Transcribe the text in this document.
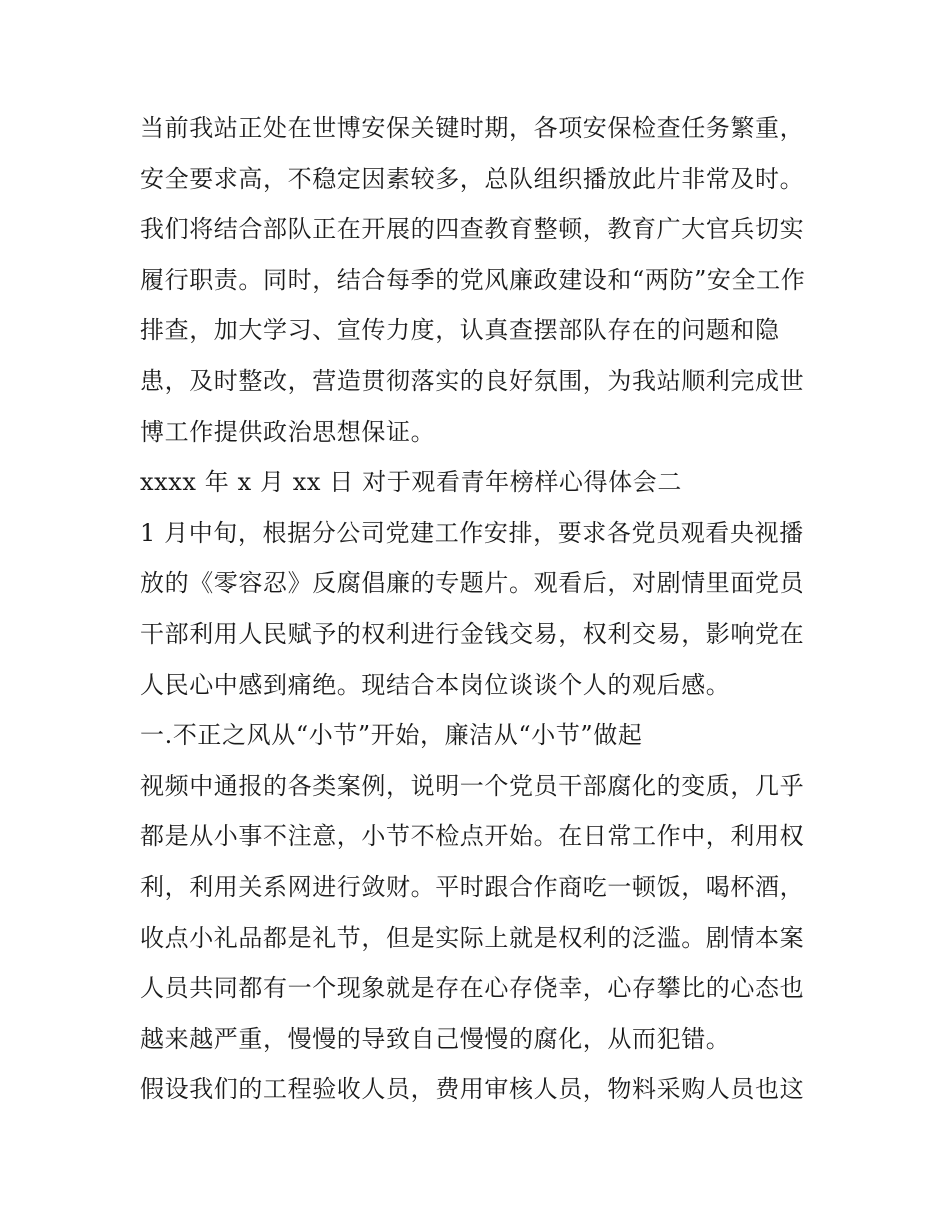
当前我站正处在世博安保关键时期，各项安保检查任务繁重，
安全要求高，不稳定因素较多，总队组织播放此片非常及时。
我们将结合部队正在开展的四查教育整顿，教育广大官兵切实
履行职责。同时，结合每季的党风廉政建设和“两防”安全工作
排查，加大学习、宣传力度，认真查摆部队存在的问题和隐
患，及时整改，营造贯彻落实的良好氛围，为我站顺利完成世
博工作提供政治思想保证。
xxxx 年 x 月 xx 日 对于观看青年榜样心得体会二
1 月中旬，根据分公司党建工作安排，要求各党员观看央视播
放的《零容忍》反腐倡廉的专题片。观看后，对剧情里面党员
干部利用人民赋予的权利进行金钱交易，权利交易，影响党在
人民心中感到痛绝。现结合本岗位谈谈个人的观后感。
一.不正之风从“小节”开始，廉洁从“小节”做起
视频中通报的各类案例，说明一个党员干部腐化的变质，几乎
都是从小事不注意，小节不检点开始。在日常工作中，利用权
利，利用关系网进行敛财。平时跟合作商吃一顿饭，喝杯酒，
收点小礼品都是礼节，但是实际上就是权利的泛滥。剧情本案
人员共同都有一个现象就是存在心存侥幸，心存攀比的心态也
越来越严重，慢慢的导致自己慢慢的腐化，从而犯错。
假设我们的工程验收人员，费用审核人员，物料采购人员也这
